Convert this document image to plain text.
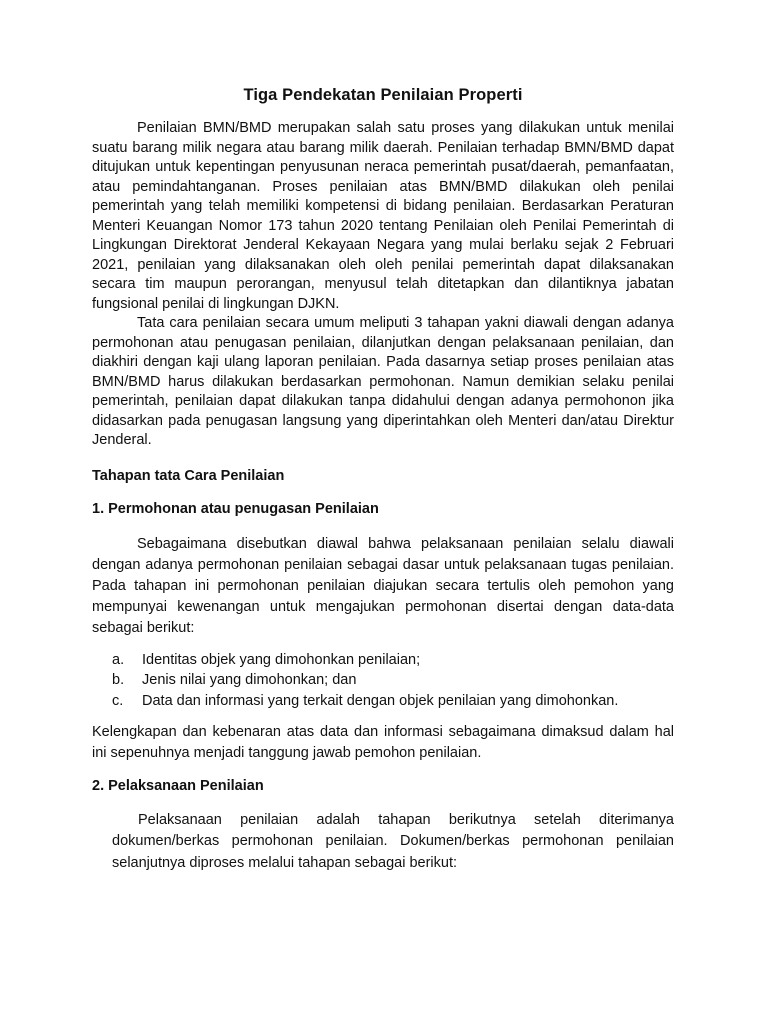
Tiga Pendekatan Penilaian Properti

Penilaian BMN/BMD merupakan salah satu proses yang dilakukan untuk menilai suatu barang milik negara atau barang milik daerah. Penilaian terhadap BMN/BMD dapat ditujukan untuk kepentingan penyusunan neraca pemerintah pusat/daerah, pemanfaatan, atau pemindahtanganan. Proses penilaian atas BMN/BMD dilakukan oleh penilai pemerintah yang telah memiliki kompetensi di bidang penilaian. Berdasarkan Peraturan Menteri Keuangan Nomor 173 tahun 2020 tentang Penilaian oleh Penilai Pemerintah di Lingkungan Direktorat Jenderal Kekayaan Negara yang mulai berlaku sejak 2 Februari 2021, penilaian yang dilaksanakan oleh oleh penilai pemerintah dapat dilaksanakan secara tim maupun perorangan, menyusul telah ditetapkan dan dilantiknya jabatan fungsional penilai di lingkungan DJKN.

Tata cara penilaian secara umum meliputi 3 tahapan yakni diawali dengan adanya permohonan atau penugasan penilaian, dilanjutkan dengan pelaksanaan penilaian, dan diakhiri dengan kaji ulang laporan penilaian. Pada dasarnya setiap proses penilaian atas BMN/BMD harus dilakukan berdasarkan permohonan. Namun demikian selaku penilai pemerintah, penilaian dapat dilakukan tanpa didahului dengan adanya permohonon jika didasarkan pada penugasan langsung yang diperintahkan oleh Menteri dan/atau Direktur Jenderal.

Tahapan tata Cara Penilaian
1. Permohonan atau penugasan Penilaian

Sebagaimana disebutkan diawal bahwa pelaksanaan penilaian selalu diawali dengan adanya permohonan penilaian sebagai dasar untuk pelaksanaan tugas penilaian. Pada tahapan ini permohonan penilaian diajukan secara tertulis oleh pemohon yang mempunyai kewenangan untuk mengajukan permohonan disertai dengan data-data sebagai berikut:

a.	Identitas objek yang dimohonkan penilaian;
b.	Jenis nilai yang dimohonkan; dan
c.	Data dan informasi yang terkait dengan objek penilaian yang dimohonkan.

Kelengkapan dan kebenaran atas data dan informasi sebagaimana dimaksud dalam hal ini sepenuhnya menjadi tanggung jawab pemohon penilaian.

2. Pelaksanaan Penilaian

Pelaksanaan penilaian adalah tahapan berikutnya setelah diterimanya dokumen/berkas permohonan penilaian. Dokumen/berkas permohonan penilaian selanjutnya diproses melalui tahapan sebagai berikut:
